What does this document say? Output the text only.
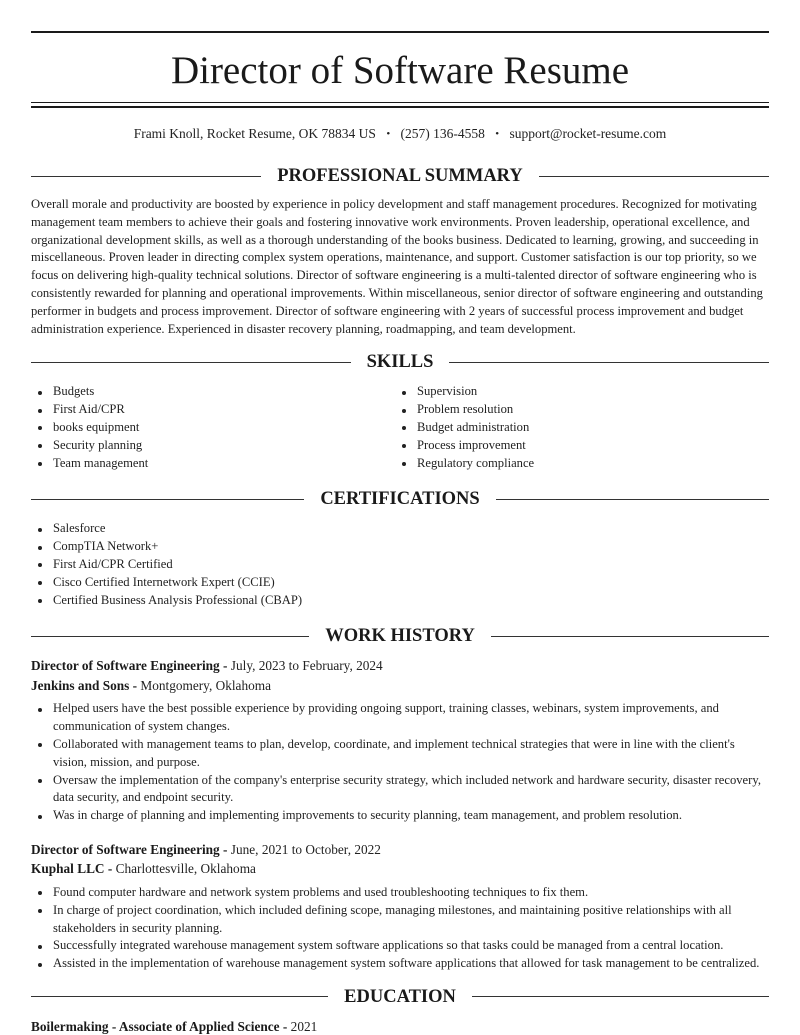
Director of Software Resume
Frami Knoll, Rocket Resume, OK 78834 US • (257) 136-4558 • support@rocket-resume.com
PROFESSIONAL SUMMARY

Overall morale and productivity are boosted by experience in policy development and staff management procedures. Recognized for motivating management team members to achieve their goals and fostering innovative work environments. Proven leadership, operational excellence, and organizational development skills, as well as a thorough understanding of the books business. Dedicated to learning, growing, and succeeding in miscellaneous. Proven leader in directing complex system operations, maintenance, and support. Customer satisfaction is our top priority, so we focus on delivering high-quality technical solutions. Director of software engineering is a multi-talented director of software engineering who is consistently rewarded for planning and operational improvements. Within miscellaneous, senior director of software engineering and outstanding performer in budgets and process improvement. Director of software engineering with 2 years of successful process improvement and budget administration experience. Experienced in disaster recovery planning, roadmapping, and team development.

SKILLS
Budgets
First Aid/CPR
books equipment
Security planning
Team management
Supervision
Problem resolution
Budget administration
Process improvement
Regulatory compliance
CERTIFICATIONS
Salesforce
CompTIA Network+
First Aid/CPR Certified
Cisco Certified Internetwork Expert (CCIE)
Certified Business Analysis Professional (CBAP)
WORK HISTORY
Director of Software Engineering - July, 2023 to February, 2024
Jenkins and Sons - Montgomery, Oklahoma
Helped users have the best possible experience by providing ongoing support, training classes, webinars, system improvements, and communication of system changes.
Collaborated with management teams to plan, develop, coordinate, and implement technical strategies that were in line with the client's vision, mission, and purpose.
Oversaw the implementation of the company's enterprise security strategy, which included network and hardware security, disaster recovery, data security, and endpoint security.
Was in charge of planning and implementing improvements to security planning, team management, and problem resolution.
Director of Software Engineering - June, 2021 to October, 2022
Kuphal LLC - Charlottesville, Oklahoma
Found computer hardware and network system problems and used troubleshooting techniques to fix them.
In charge of project coordination, which included defining scope, managing milestones, and maintaining positive relationships with all stakeholders in security planning.
Successfully integrated warehouse management system software applications so that tasks could be managed from a central location.
Assisted in the implementation of warehouse management system software applications that allowed for task management to be centralized.
EDUCATION
Boilermaking - Associate of Applied Science - 2021
